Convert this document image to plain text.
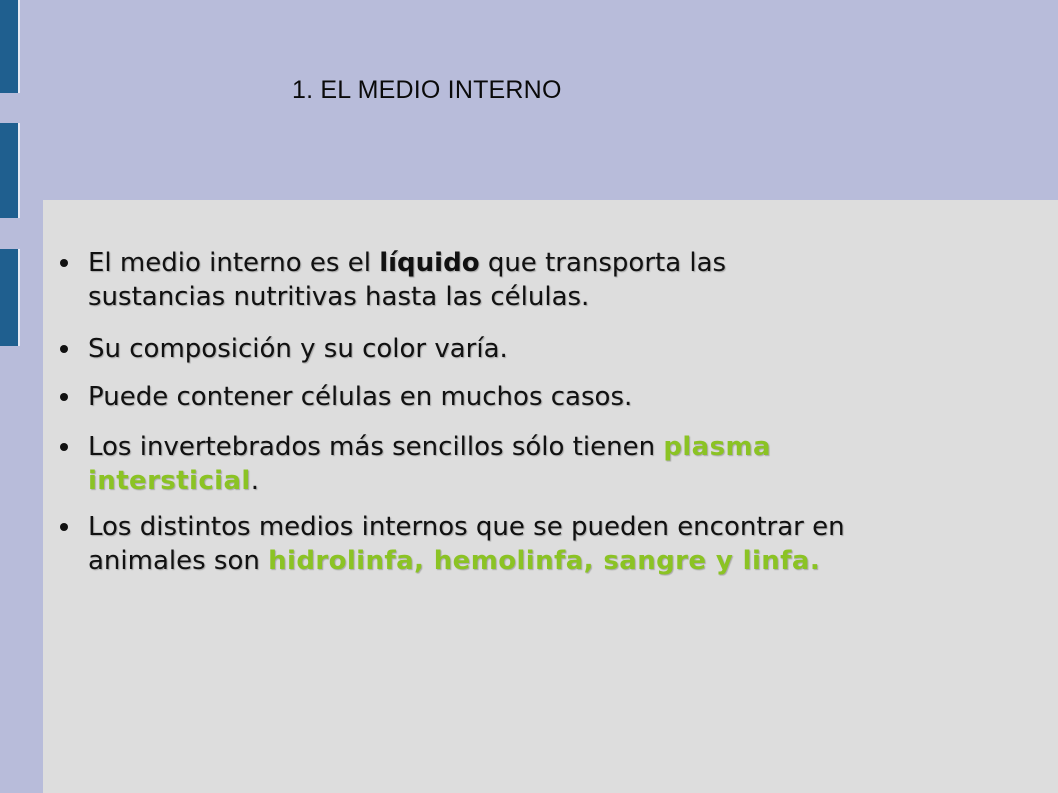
1. EL MEDIO INTERNO
El medio interno es el líquido que transporta las sustancias nutritivas hasta las células.
Su composición y su color varía.
Puede contener células en muchos casos.
Los invertebrados más sencillos sólo tienen plasma intersticial.
Los distintos medios internos que se pueden encontrar en animales son hidrolinfa, hemolinfa, sangre y linfa.
